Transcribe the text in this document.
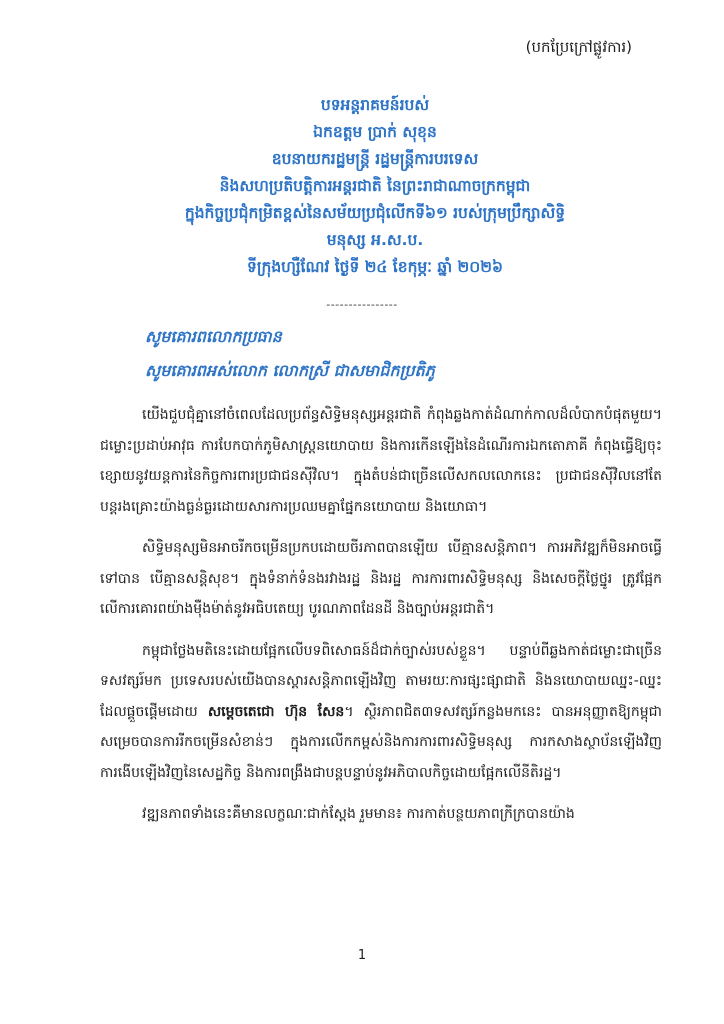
(បកប្រែក្រៅផ្លូវការ)
បទអន្តរាគមន៍របស់
ឯកឧត្តម ប្រាក់ សុខុន
ឧបនាយករដ្ឋមន្ត្រី រដ្ឋមន្ត្រីការបរទេស
និងសហប្រតិបត្តិការអន្តរជាតិ នៃព្រះរាជាណាចក្រកម្ពុជា
ក្នុងកិច្ចប្រជុំកម្រិតខ្ពស់នៃសម័យប្រជុំលើកទី៦១ របស់ក្រុមប្រឹក្សាសិទ្ធិ
មនុស្ស អ.ស.ប.
ទីក្រុងហ្សឺណែវ ថ្ងៃទី ២៤ ខែកុម្ភៈ ឆ្នាំ ២០២៦
----------------
សូមគោរពលោកប្រធាន
សូមគោរពអស់លោក លោកស្រី ជាសមាជិកប្រតិភូ

យើងជួបជុំគ្នានៅចំពេលដែលប្រព័ន្ធសិទ្ធិមនុស្សអន្តរជាតិ កំពុងឆ្លងកាត់ដំណាក់កាលដ៏លំបាកបំផុតមួយ។ ជម្លោះប្រដាប់អាវុធ ការបែកបាក់ភូមិសាស្ត្រនយោបាយ និងការកើនឡើងនៃដំណើរការឯកតោភាគី កំពុងធ្វើឱ្យចុះខ្សោយនូវយន្តការនៃកិច្ចការពារប្រជាជនស៊ីវិល។ ក្នុងតំបន់ជាច្រើនលើសកលលោកនេះ ប្រជាជនស៊ីវិលនៅតែបន្តរងគ្រោះយ៉ាងធ្ងន់ធ្ងរដោយសារការប្រឈមគ្នាផ្នែកនយោបាយ និងយោធា។

សិទ្ធិមនុស្សមិនអាចរីកចម្រើនប្រកបដោយចីរភាពបានឡើយ បើគ្មានសន្តិភាព។ ការអភិវឌ្ឍក៏មិនអាចធ្វើទៅបាន បើគ្មានសន្តិសុខ។ ក្នុងទំនាក់ទំនងរវាងរដ្ឋ និងរដ្ឋ ការការពារសិទ្ធិមនុស្ស និងសេចក្តីថ្លៃថ្នូរ ត្រូវផ្អែកលើការគោរពយ៉ាងម៉ឺងម៉ាត់នូវអធិបតេយ្យ បូរណភាពដែនដី និងច្បាប់អន្តរជាតិ។

កម្ពុជាថ្លែងមតិនេះដោយផ្អែកលើបទពិសោធន៍ដ៏ជាក់ច្បាស់របស់ខ្លួន។ បន្ទាប់ពីឆ្លងកាត់ជម្លោះជាច្រើនទសវត្សរ៍មក ប្រទេសរបស់យើងបានស្តារសន្តិភាពឡើងវិញ តាមរយៈការផ្សះផ្សាជាតិ និងនយោបាយឈ្នះ-ឈ្នះ ដែលផ្តួចផ្តើមដោយ សម្តេចតេជោ ហ៊ុន សែន។ ស្ថិរភាពជិត៣ទសវត្សរ៍កន្លងមកនេះ បានអនុញ្ញាតឱ្យកម្ពុជាសម្រេចបានការរីកចម្រើនសំខាន់ៗ ក្នុងការលើកកម្ពស់និងការការពារសិទ្ធិមនុស្ស ការកសាងស្ថាប័នឡើងវិញ ការងើបឡើងវិញនៃសេដ្ឋកិច្ច និងការពង្រឹងជាបន្តបន្ទាប់នូវអភិបាលកិច្ចដោយផ្អែកលើនីតិរដ្ឋ។

វឌ្ឍនភាពទាំងនេះគឺមានលក្ខណៈជាក់ស្តែង រួមមាន៖ ការកាត់បន្ថយភាពក្រីក្របានយ៉ាង

1
